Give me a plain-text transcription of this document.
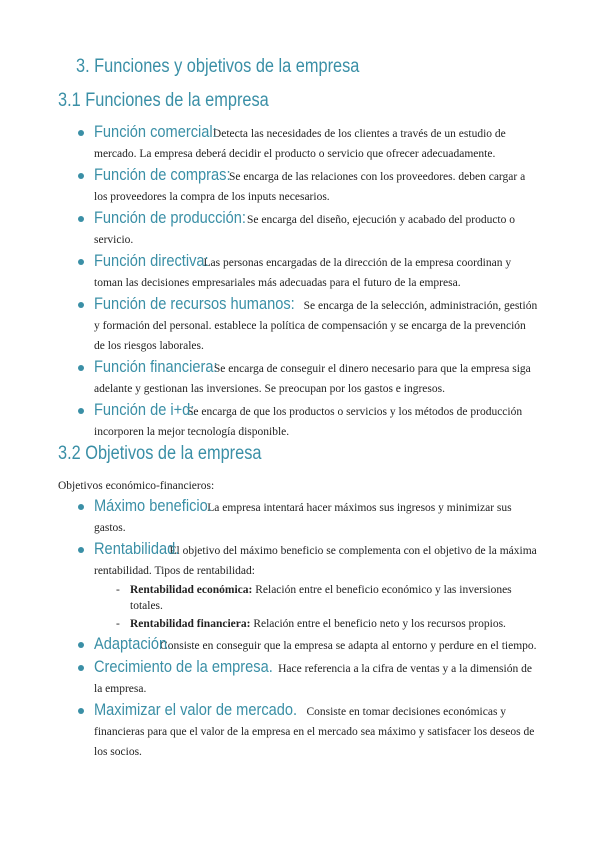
3. Funciones y objetivos de la empresa
3.1 Funciones de la empresa
Función comercial: Detecta las necesidades de los clientes a través de un estudio de mercado. La empresa deberá decidir el producto o servicio que ofrecer adecuadamente.
Función de compras: Se encarga de las relaciones con los proveedores. deben cargar a los proveedores la compra de los inputs necesarios.
Función de producción: Se encarga del diseño, ejecución y acabado del producto o servicio.
Función directiva: Las personas encargadas de la dirección de la empresa coordinan y toman las decisiones empresariales más adecuadas para el futuro de la empresa.
Función de recursos humanos: Se encarga de la selección, administración, gestión y formación del personal. establece la política de compensación y se encarga de la prevención de los riesgos laborales.
Función financiera: Se encarga de conseguir el dinero necesario para que la empresa siga adelante y gestionan las inversiones. Se preocupan por los gastos e ingresos.
Función de i+d: Se encarga de que los productos o servicios y los métodos de producción incorporen la mejor tecnología disponible.
3.2 Objetivos de la empresa
Objetivos económico-financieros:
Máximo beneficio. La empresa intentará hacer máximos sus ingresos y minimizar sus gastos.
Rentabilidad. El objetivo del máximo beneficio se complementa con el objetivo de la máxima rentabilidad. Tipos de rentabilidad:
- Rentabilidad económica: Relación entre el beneficio económico y las inversiones totales.
- Rentabilidad financiera: Relación entre el beneficio neto y los recursos propios.
Adaptación. Consiste en conseguir que la empresa se adapta al entorno y perdure en el tiempo.
Crecimiento de la empresa. Hace referencia a la cifra de ventas y a la dimensión de la empresa.
Maximizar el valor de mercado. Consiste en tomar decisiones económicas y financieras para que el valor de la empresa en el mercado sea máximo y satisfacer los deseos de los socios.
